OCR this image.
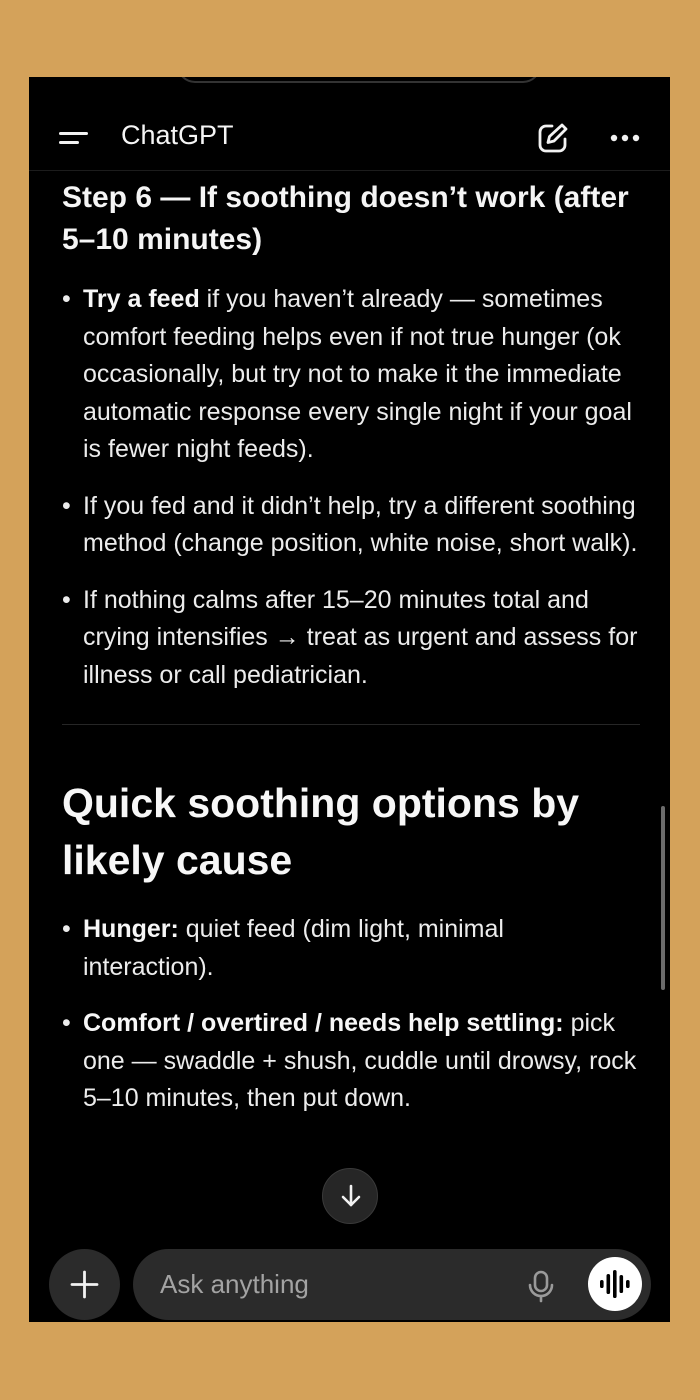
ChatGPT
Step 6 — If soothing doesn’t work (after 5–10 minutes)
• Try a feed if you haven’t already — sometimes comfort feeding helps even if not true hunger (ok occasionally, but try not to make it the immediate automatic response every single night if your goal is fewer night feeds).
• If you fed and it didn’t help, try a different soothing method (change position, white noise, short walk).
• If nothing calms after 15–20 minutes total and crying intensifies → treat as urgent and assess for illness or call pediatrician.
Quick soothing options by likely cause
• Hunger: quiet feed (dim light, minimal interaction).
• Comfort / overtired / needs help settling: pick one — swaddle + shush, cuddle until drowsy, rock 5–10 minutes, then put down.
Ask anything
